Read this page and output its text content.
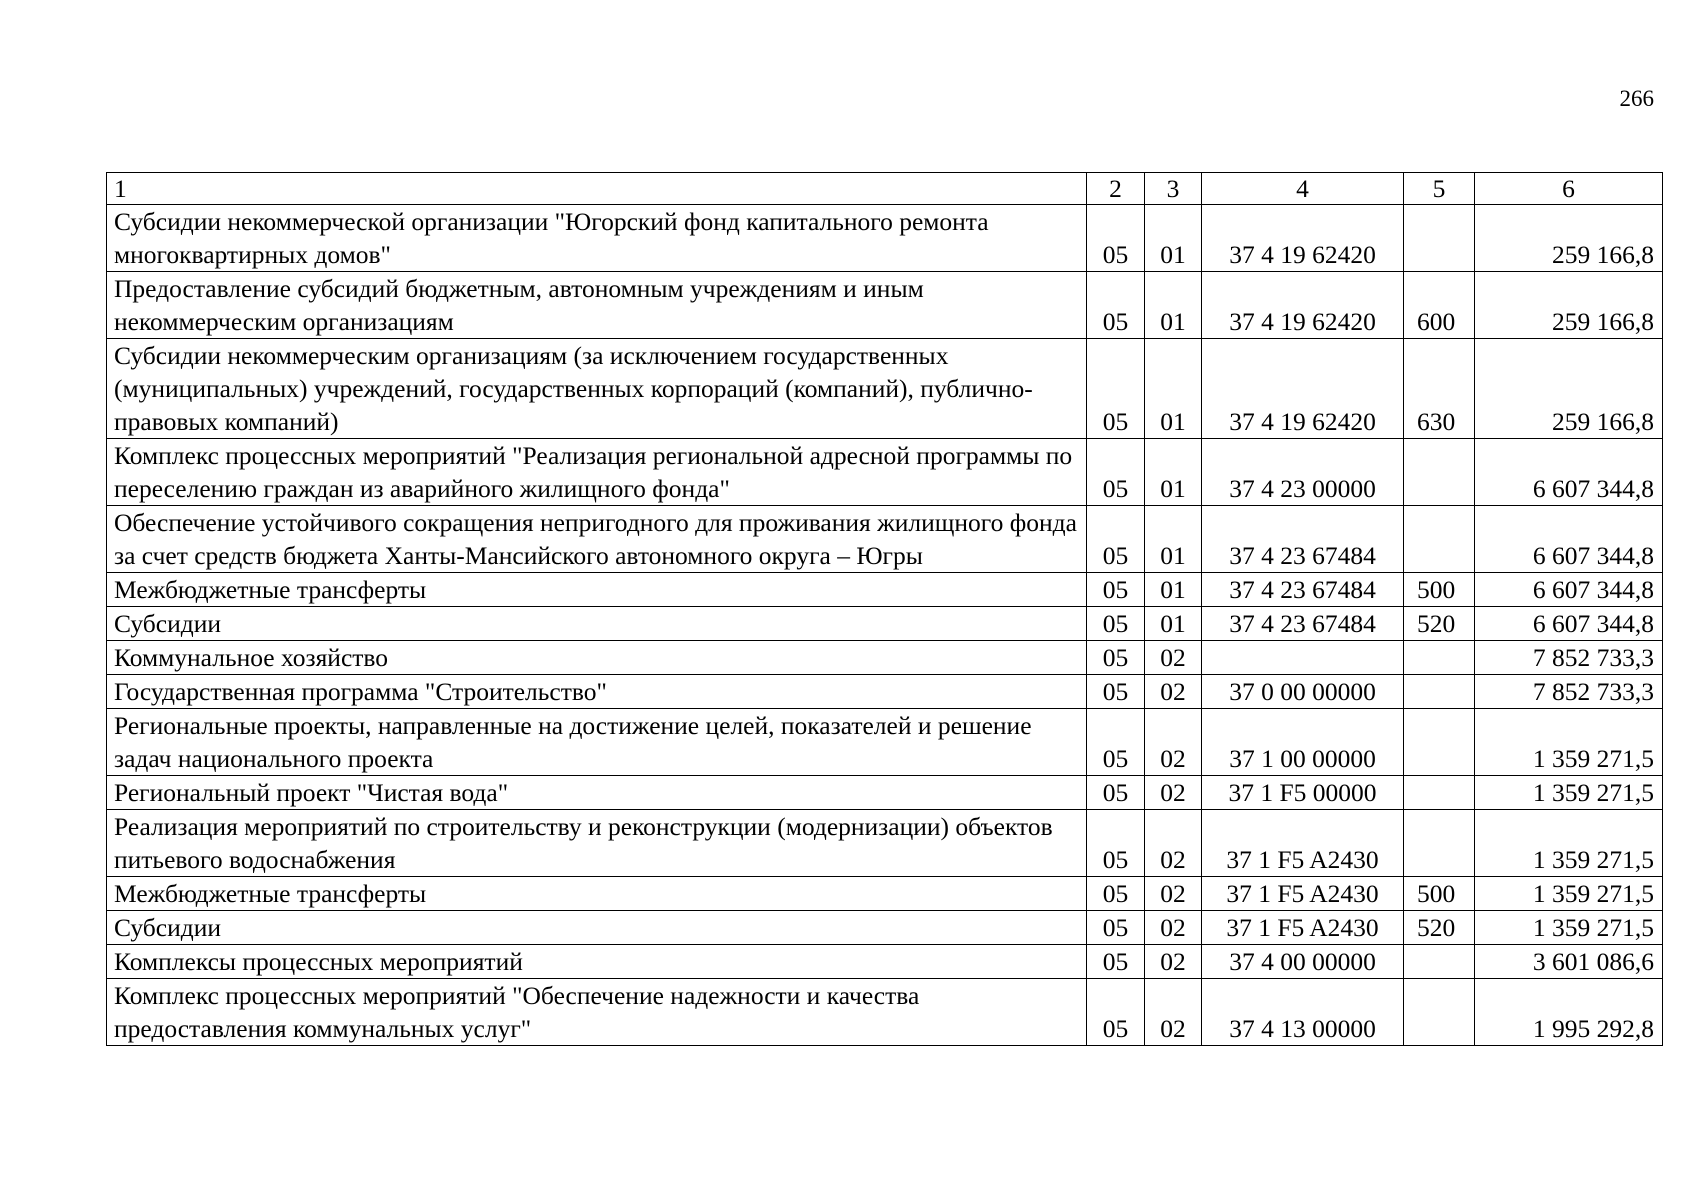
266
1	2	3	4	5	6
Субсидии некоммерческой организации "Югорский фонд капитального ремонта многоквартирных домов"	05	01	37 4 19 62420		259 166,8
Предоставление субсидий бюджетным, автономным учреждениям и иным некоммерческим организациям	05	01	37 4 19 62420	600	259 166,8
Субсидии некоммерческим организациям (за исключением государственных (муниципальных) учреждений, государственных корпораций (компаний), публично-правовых компаний)	05	01	37 4 19 62420	630	259 166,8
Комплекс процессных мероприятий "Реализация региональной адресной программы по переселению граждан из аварийного жилищного фонда"	05	01	37 4 23 00000		6 607 344,8
Обеспечение устойчивого сокращения непригодного для проживания жилищного фонда за счет средств бюджета Ханты-Мансийского автономного округа – Югры	05	01	37 4 23 67484		6 607 344,8
Межбюджетные трансферты	05	01	37 4 23 67484	500	6 607 344,8
Субсидии	05	01	37 4 23 67484	520	6 607 344,8
Коммунальное хозяйство	05	02			7 852 733,3
Государственная программа "Строительство"	05	02	37 0 00 00000		7 852 733,3
Региональные проекты, направленные на достижение целей, показателей и решение задач национального проекта	05	02	37 1 00 00000		1 359 271,5
Региональный проект "Чистая вода"	05	02	37 1 F5 00000		1 359 271,5
Реализация мероприятий по строительству и реконструкции (модернизации) объектов питьевого водоснабжения	05	02	37 1 F5 A2430		1 359 271,5
Межбюджетные трансферты	05	02	37 1 F5 A2430	500	1 359 271,5
Субсидии	05	02	37 1 F5 A2430	520	1 359 271,5
Комплексы процессных мероприятий	05	02	37 4 00 00000		3 601 086,6
Комплекс процессных мероприятий "Обеспечение надежности и качества предоставления коммунальных услуг"	05	02	37 4 13 00000		1 995 292,8
